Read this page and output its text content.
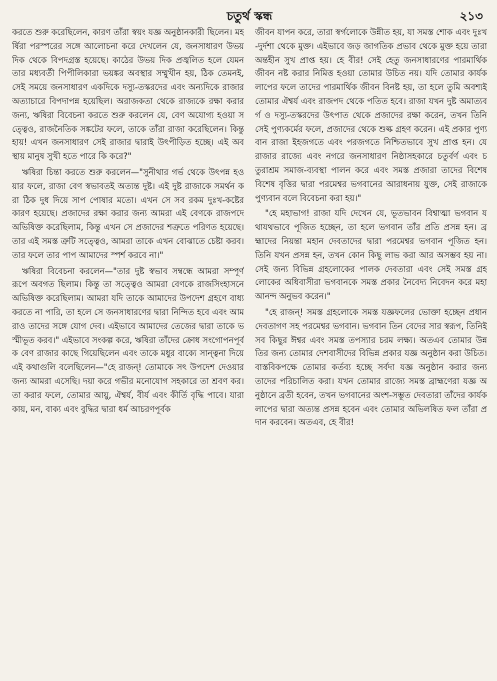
চতুর্থ স্কন্ধ	২১৩

করতে শুরু করেছিলেন, কারণ তাঁরা স্বয়ং যজ্ঞ অনুষ্ঠানকারী ছিলেন। মহর্ষিরা পরস্পরের সঙ্গে আলোচনা করে দেখলেন যে, জনসাধারণ উভয় দিক থেকে বিপদগ্রস্ত হয়েছে। কাঠের উভয় দিক প্রজ্বলিত হলে যেমন তার মধ্যবর্তী পিপীলিকারা ভয়ঙ্কর অবস্থার সম্মুখীন হয়, ঠিক তেমনই, সেই সময়ে জনসাধারণ একদিকে দস্যু-তস্করদের এবং অন্যদিকে রাজার অত্যাচারে বিপদাপন্ন হয়েছিল। অরাজকতা থেকে রাজ্যকে রক্ষা করার জন্য, ঋষিরা বিবেচনা করতে শুরু করলেন যে, বেণ অযোগ্য হওয়া সত্ত্বেও, রাজনৈতিক সঙ্কটের ফলে, তাকে তাঁরা রাজা করেছিলেন। কিন্তু হায়! এখন জনসাধারণ সেই রাজার দ্বারাই উৎপীড়িত হচ্ছে। এই অবস্থায় মানুষ সুখী হতে পারে কি করে?"

ঋষিরা চিন্তা করতে শুরু করলেন—"সুনীথার গর্ভ থেকে উৎপন্ন হওয়ার ফলে, রাজা বেণ স্বভাবতই অত্যন্ত দুষ্ট। এই দুষ্ট রাজাকে সমর্থন করা ঠিক দুধ দিয়ে সাপ পোষার মতো। এখন সে সব রকম দুঃখ-কষ্টের কারণ হয়েছে। প্রজাদের রক্ষা করার জন্য আমরা এই বেণকে রাজপদে অভিষিক্ত করেছিলাম, কিন্তু এখন সে প্রজাদের শত্রুতে পরিণত হয়েছে। তার এই সমস্ত ত্রুটি সত্ত্বেও, আমরা তাকে এখন বোঝাতে চেষ্টা করব। তার ফলে তার পাপ আমাদের স্পর্শ করবে না।"

ঋষিরা বিবেচনা করলেন—"তার দুষ্ট স্বভাব সম্বন্ধে আমরা সম্পূর্ণরূপে অবগত ছিলাম। কিন্তু তা সত্ত্বেও আমরা বেণকে রাজসিংহাসনে অভিষিক্ত করেছিলাম। আমরা যদি তাকে আমাদের উপদেশ গ্রহণে বাধ্য করতে না পারি, তা হলে সে জনসাধারণের দ্বারা নিন্দিত হবে এবং আমরাও তাদের সঙ্গে যোগ দেব। এইভাবে আমাদের তেজের দ্বারা তাকে ভস্মীভূত করব।" এইভাবে সংকল্প করে, ঋষিরা তাঁদের ক্রোধ সংগোপনপূর্বক বেণ রাজার কাছে গিয়েছিলেন এবং তাকে মধুর বাক্যে সান্ত্বনা দিয়ে এই কথাগুলি বলেছিলেন—"হে রাজন্! তোমাকে সৎ উপদেশ দেওয়ার জন্য আমরা এসেছি। দয়া করে গভীর মনোযোগ সহকারে তা শ্রবণ কর। তা করার ফলে, তোমার আয়ু, ঐশ্বর্য, বীর্য এবং কীর্তি বৃদ্ধি পাবে। যারা কায়, মন, বাক্য এবং বুদ্ধির দ্বারা ধর্ম আচরণপূর্বক

জীবন যাপন করে, তারা স্বর্গলোকে উন্নীত হয়, যা সমস্ত শোক এবং দুঃখ-দুর্দশা থেকে মুক্ত। এইভাবে জড় জাগতিক প্রভাব থেকে মুক্ত হয়ে তারা অন্তহীন সুখ প্রাপ্ত হয়। হে বীর! সেই হেতু জনসাধারণের পারমার্থিক জীবন নষ্ট করার নিমিত্ত হওয়া তোমার উচিত নয়। যদি তোমার কার্যকলাপের ফলে তাদের পারমার্থিক জীবন বিনষ্ট হয়, তা হলে তুমি অবশ্যই তোমার ঐশ্বর্য এবং রাজপদ থেকে পতিত হবে। রাজা যখন দুষ্ট অমাত্যবর্গ ও দস্যু-তস্করদের উৎপাত থেকে প্রজাদের রক্ষা করেন, তখন তিনি সেই পুণ্যকর্মের ফলে, প্রজাদের থেকে শুল্ক গ্রহণ করেন। এই প্রকার পুণ্যবান রাজা ইহজগতে এবং পরজগতে নিশ্চিতভাবে সুখ প্রাপ্ত হন। যে রাজার রাজ্যে এবং নগরে জনসাধারণ নিষ্ঠাসহকারে চতুর্বর্ণ এবং চতুরাশ্রম সমাজ-ব্যবস্থা পালন করে এবং সমস্ত প্রজারা তাদের বিশেষ বিশেষ বৃত্তির দ্বারা পরমেশ্বর ভগবানের আরাধনায় যুক্ত, সেই রাজাকে পুণ্যবান বলে বিবেচনা করা হয়।"

"হে মহাভাগ! রাজা যদি দেখেন যে, ভূতভাবন বিশ্বাত্মা ভগবান যথাযথভাবে পূজিত হচ্ছেন, তা হলে ভগবান তাঁর প্রতি প্রসন্ন হন। ব্রহ্মাদের নিয়ন্তা মহান দেবতাদের দ্বারা পরমেশ্বর ভগবান পূজিত হন। তিনি যখন প্রসন্ন হন, তখন কোন কিছু লাভ করা আর অসম্ভব হয় না। সেই জন্য বিভিন্ন গ্রহলোকের পালক দেবতারা এবং সেই সমস্ত গ্রহলোকের অধিবাসীরা ভগবানকে সমস্ত প্রকার নৈবেদ্য নিবেদন করে মহা আনন্দ অনুভব করেন।"

"হে রাজন্! সমস্ত গ্রহলোকে সমস্ত যজ্ঞফলের ভোক্তা হচ্ছেন প্রধান দেবতাগণ সহ পরমেশ্বর ভগবান। ভগবান তিন বেদের সার স্বরূপ, তিনিই সব কিছুর ঈশ্বর এবং সমস্ত তপস্যার চরম লক্ষ্য। অতএব তোমার উন্নতির জন্য তোমার দেশবাসীদের বিভিন্ন প্রকার যজ্ঞ অনুষ্ঠান করা উচিত। বাস্তবিকপক্ষে তোমার কর্তব্য হচ্ছে সর্বদা যজ্ঞ অনুষ্ঠান করার জন্য তাদের পরিচালিত করা। যখন তোমার রাজ্যে সমস্ত ব্রাহ্মণেরা যজ্ঞ অনুষ্ঠানে ব্রতী হবেন, তখন ভগবানের অংশ-সম্ভূত দেবতারা তাঁদের কার্যকলাপের দ্বারা অত্যন্ত প্রসন্ন হবেন এবং তোমার অভিলষিত ফল তাঁরা প্রদান করবেন। অতএব, হে বীর!
